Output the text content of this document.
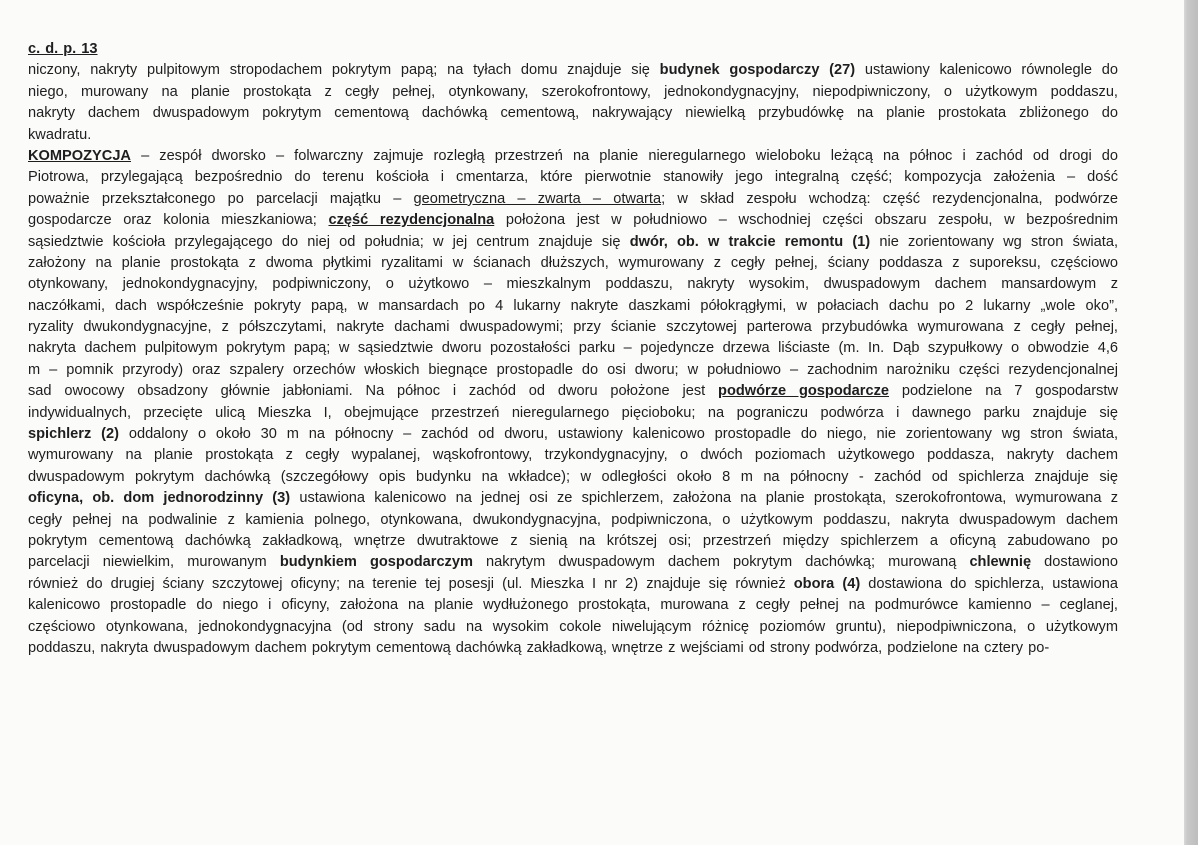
c. d. p. 13
niczony, nakryty pulpitowym stropodachem pokrytym papą; na tyłach domu znajduje się budynek gospodarczy (27) ustawiony kalenicowo równolegle do
niego, murowany na planie prostokąta z cegły pełnej, otynkowany, szerokofrontowy, jednokondygnacyjny, niepodpiwniczony, o użytkowym poddaszu,
nakryty dachem dwuspadowym pokrytym cementową dachówką cementową, nakrywający niewielką przybudówkę na planie prostokata zbliżonego do
kwadratu.
KOMPOZYCJA – zespół dworsko – folwarczny zajmuje rozległą przestrzeń na planie nieregularnego wieloboku leżącą na północ i zachód od drogi do
Piotrowa, przylegającą bezpośrednio do terenu kościoła i cmentarza, które pierwotnie stanowiły jego integralną część; kompozycja założenia – dość
poważnie przekształconego po parcelacji majątku – geometryczna – zwarta – otwarta; w skład zespołu wchodzą: część rezydencjonalna, podwórze
gospodarcze oraz kolonia mieszkaniowa; część rezydencjonalna położona jest w południowo – wschodniej części obszaru zespołu, w bezpośrednim
sąsiedztwie kościoła przylegającego do niej od południa; w jej centrum znajduje się dwór, ob. w trakcie remontu (1) nie zorientowany wg stron świata,
założony na planie prostokąta z dwoma płytkimi ryzalitami w ścianach dłuższych, wymurowany z cegły pełnej, ściany poddasza z suporeksu, częściowo
otynkowany, jednokondygnacyjny, podpiwniczony, o użytkowo – mieszkalnym poddaszu, nakryty wysokim, dwuspadowym dachem mansardowym z
naczółkami, dach współcześnie pokryty papą, w mansardach po 4 lukarny nakryte daszkami półokrągłymi, w połaciach dachu po 2 lukarny „wole oko”,
ryzality dwukondygnacyjne, z półszczytami, nakryte dachami dwuspadowymi; przy ścianie szczytowej parterowa przybudówka wymurowana z cegły pełnej,
nakryta dachem pulpitowym pokrytym papą; w sąsiedztwie dworu pozostałości parku – pojedyncze drzewa liściaste (m. In. Dąb szypułkowy o obwodzie 4,6
m – pomnik przyrody) oraz szpalery orzechów włoskich biegnące prostopadle do osi dworu; w południowo – zachodnim narożniku części rezydencjonalnej
sad owocowy obsadzony głównie jabłoniami. Na północ i zachód od dworu położone jest podwórze gospodarcze podzielone na 7 gospodarstw
indywidualnych, przecięte ulicą Mieszka I, obejmujące przestrzeń nieregularnego pięcioboku; na pograniczu podwórza i dawnego parku znajduje się
spichlerz (2) oddalony o około 30 m na północny – zachód od dworu, ustawiony kalenicowo prostopadle do niego, nie zorientowany wg stron świata,
wymurowany na planie prostokąta z cegły wypalanej, wąskofrontowy, trzykondygnacyjny, o dwóch poziomach użytkowego poddasza, nakryty dachem
dwuspadowym pokrytym dachówką (szczegółowy opis budynku na wkładce); w odległości około 8 m na północny - zachód od spichlerza znajduje się
oficyna, ob. dom jednorodzinny (3) ustawiona kalenicowo na jednej osi ze spichlerzem, założona na planie prostokąta, szerokofrontowa, wymurowana z
cegły pełnej na podwalinie z kamienia polnego, otynkowana, dwukondygnacyjna, podpiwniczona, o użytkowym poddaszu, nakryta dwuspadowym dachem
pokrytym cementową dachówką zakładkową, wnętrze dwutraktowe z sienią na krótszej osi; przestrzeń między spichlerzem a oficyną zabudowano po
parcelacji niewielkim, murowanym budynkiem gospodarczym nakrytym dwuspadowym dachem pokrytym dachówką; murowaną chlewnię dostawiono
również do drugiej ściany szczytowej oficyny; na terenie tej posesji (ul. Mieszka I nr 2) znajduje się również obora (4) dostawiona do spichlerza, ustawiona
kalenicowo prostopadle do niego i oficyny, założona na planie wydłużonego prostokąta, murowana z cegły pełnej na podmurówce kamienno – ceglanej,
częściowo otynkowana, jednokondygnacyjna (od strony sadu na wysokim cokole niwelującym różnicę poziomów gruntu), niepodpiwniczona, o użytkowym
poddaszu, nakryta dwuspadowym dachem pokrytym cementową dachówką zakładkową, wnętrze z wejściami od strony podwórza, podzielone na cztery po-
